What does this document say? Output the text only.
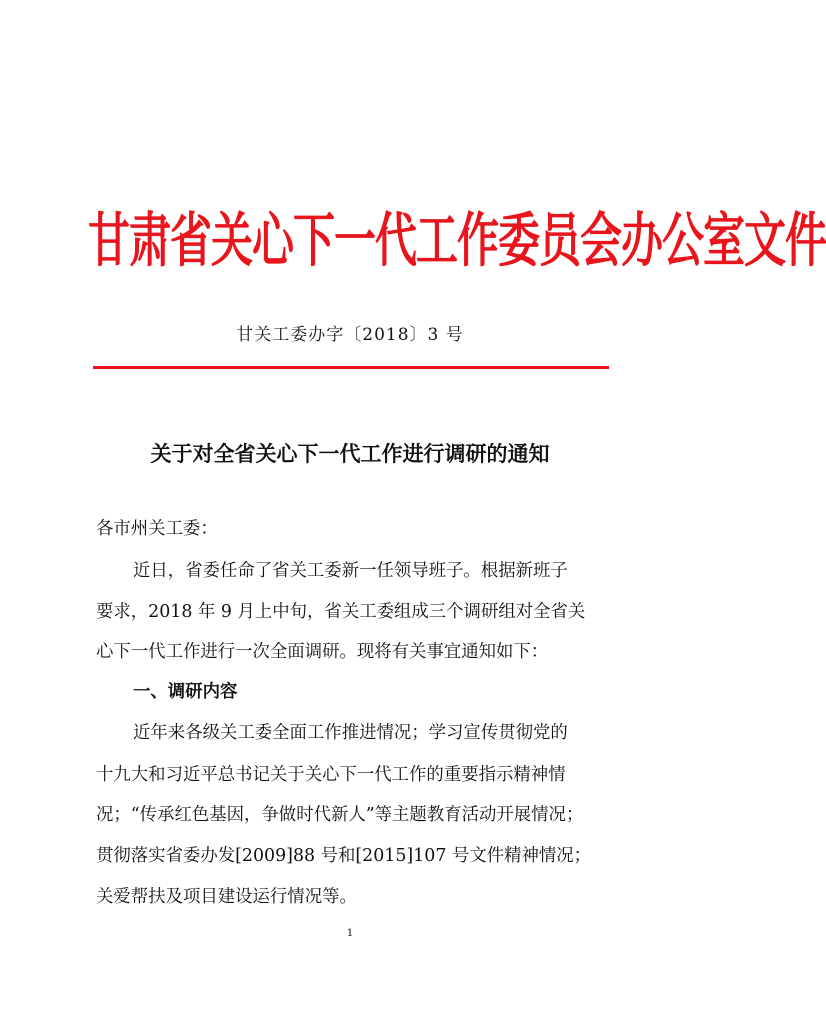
甘肃省关心下一代工作委员会办公室文件
甘关工委办字〔2018〕3 号
关于对全省关心下一代工作进行调研的通知
各市州关工委：
近日，省委任命了省关工委新一任领导班子。根据新班子
要求，2018 年 9 月上中旬，省关工委组成三个调研组对全省关
心下一代工作进行一次全面调研。现将有关事宜通知如下：
一、调研内容
近年来各级关工委全面工作推进情况；学习宣传贯彻党的
十九大和习近平总书记关于关心下一代工作的重要指示精神情
况；“传承红色基因，争做时代新人”等主题教育活动开展情况；
贯彻落实省委办发[2009]88 号和[2015]107 号文件精神情况；
关爱帮扶及项目建设运行情况等。
1
